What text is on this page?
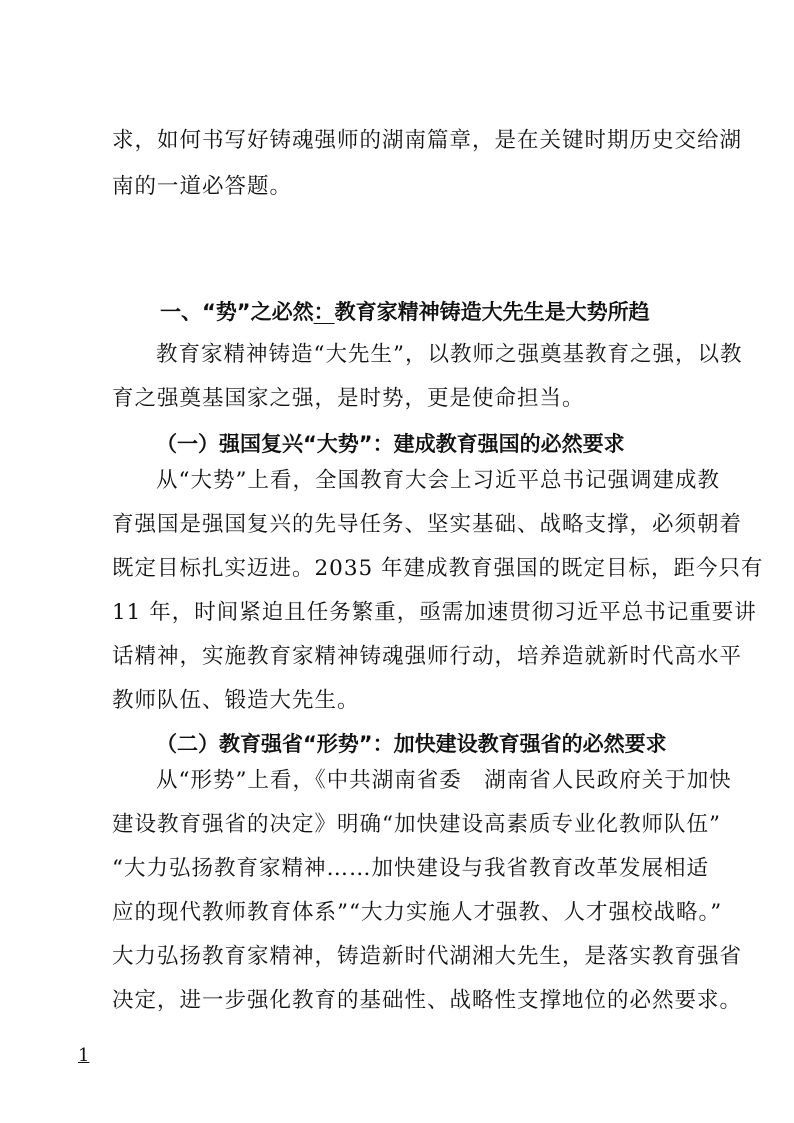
求，如何书写好铸魂强师的湖南篇章，是在关键时期历史交给湖
南的一道必答题。
一、“势”之必然：教育家精神铸造大先生是大势所趋
教育家精神铸造“大先生”，以教师之强奠基教育之强，以教
育之强奠基国家之强，是时势，更是使命担当。
（一）强国复兴“大势”：建成教育强国的必然要求
从“大势”上看，全国教育大会上习近平总书记强调建成教
育强国是强国复兴的先导任务、坚实基础、战略支撑，必须朝着
既定目标扎实迈进。2035 年建成教育强国的既定目标，距今只有
11 年，时间紧迫且任务繁重，亟需加速贯彻习近平总书记重要讲
话精神，实施教育家精神铸魂强师行动，培养造就新时代高水平
教师队伍、锻造大先生。
（二）教育强省“形势”：加快建设教育强省的必然要求
从“形势”上看，《中共湖南省委　湖南省人民政府关于加快
建设教育强省的决定》明确“加快建设高素质专业化教师队伍”
“大力弘扬教育家精神……加快建设与我省教育改革发展相适
应的现代教师教育体系”“大力实施人才强教、人才强校战略。”
大力弘扬教育家精神，铸造新时代湖湘大先生，是落实教育强省
决定，进一步强化教育的基础性、战略性支撑地位的必然要求。
1
